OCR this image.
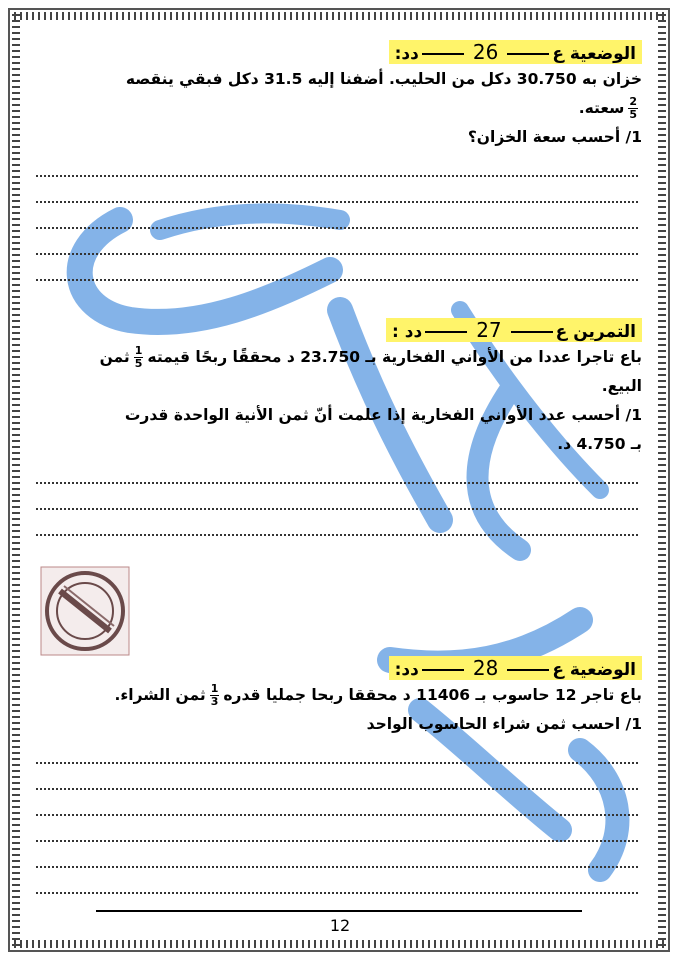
الوضعية ع26دد:
خزان به 30.750 دكل من الحليب. أضفنا إليه 31.5 دكل فبقي ينقصه
$\frac{2}{5}$
سعته.
1/ أحسب سعة الخزان؟
التمرين ع27دد :
باع تاجرا عددا من الأواني الفخارية بـ 23.750 د محققًا ربحًا قيمته
$\frac{1}{5}$
ثمن
البيع.
1/ أحسب عدد الأواني الفخارية إذا علمت أنّ ثمن الأنية الواحدة قدرت
بـ 4.750 د.
الوضعية ع28دد:
باع تاجر 12 حاسوب بـ 11406 د محققا ربحا جمليا قدره
$\frac{1}{3}$
ثمن الشراء.
1/ احسب ثمن شراء الحاسوب الواحد
12
